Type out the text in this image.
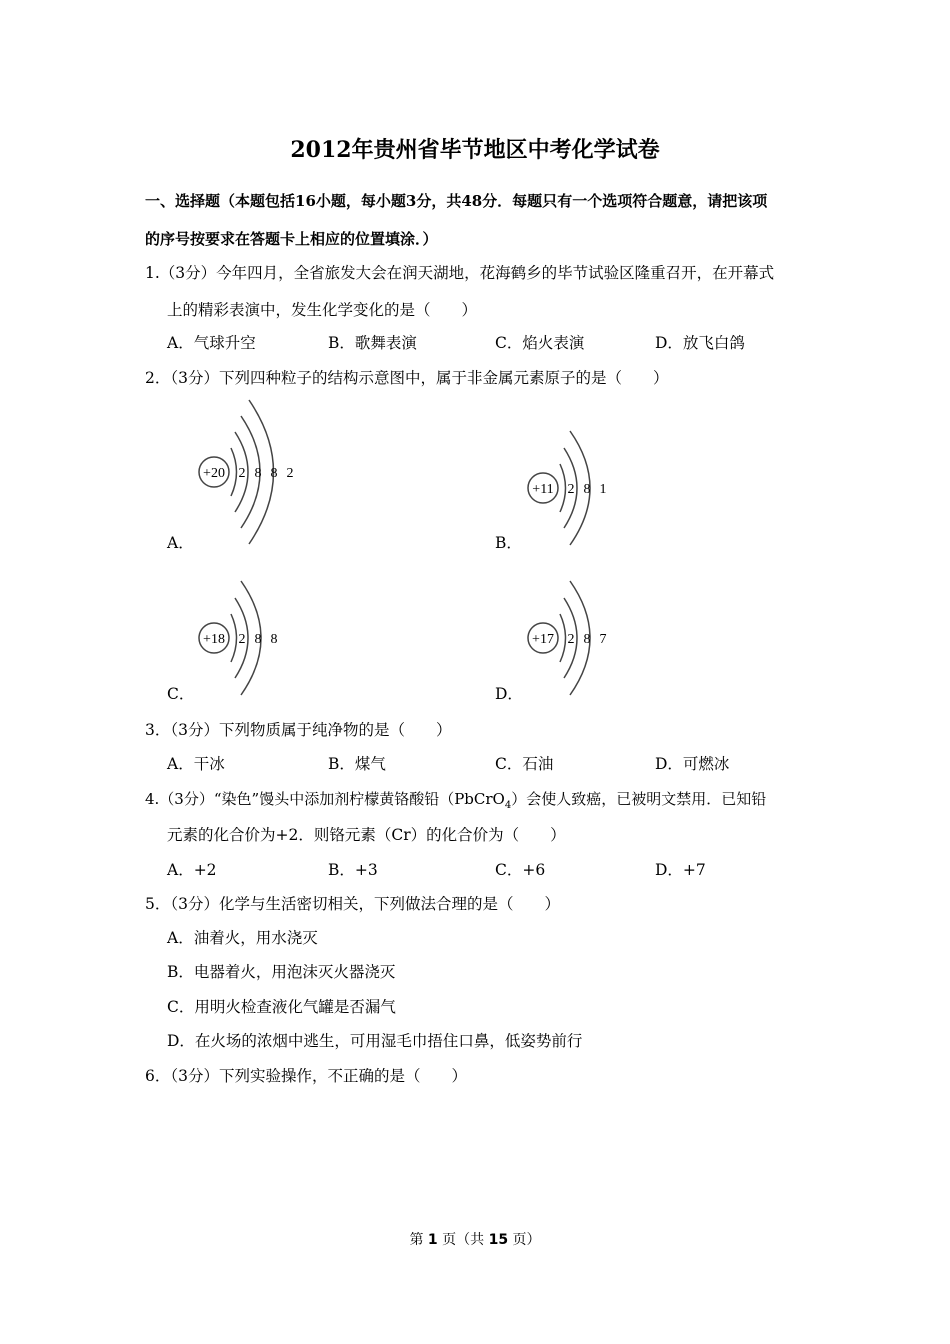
2012年贵州省毕节地区中考化学试卷
一、选择题（本题包括16小题，每小题3分，共48分．每题只有一个选项符合题意，请把该项
的序号按要求在答题卡上相应的位置填涂．）
1.（3分）今年四月，全省旅发大会在润天湖地，花海鹤乡的毕节试验区隆重召开，在开幕式
上的精彩表演中，发生化学变化的是（　　）
A．气球升空	B．歌舞表演	C．焰火表演	D．放飞白鸽
2．（3分）下列四种粒子的结构示意图中，属于非金属元素原子的是（　　）
+20 2 8 8 2
A．
+11 2 8 1
B．
+18 2 8 8
C．
+17 2 8 7
D．
3．（3分）下列物质属于纯净物的是（　　）
A．干冰	B．煤气	C．石油	D．可燃冰
4.（3分）“染色”馒头中添加剂柠檬黄铬酸铅（PbCrO$_4$）会使人致癌，已被明文禁用．已知铅
元素的化合价为+2．则铬元素（Cr）的化合价为（　　）
A．+2	B．+3	C．+6	D．+7
5．（3分）化学与生活密切相关，下列做法合理的是（　　）
A．油着火，用水浇灭
B．电器着火，用泡沫灭火器浇灭
C．用明火检查液化气罐是否漏气
D．在火场的浓烟中逃生，可用湿毛巾捂住口鼻，低姿势前行
6．（3分）下列实验操作，不正确的是（　　）
第 1 页（共 15 页）
